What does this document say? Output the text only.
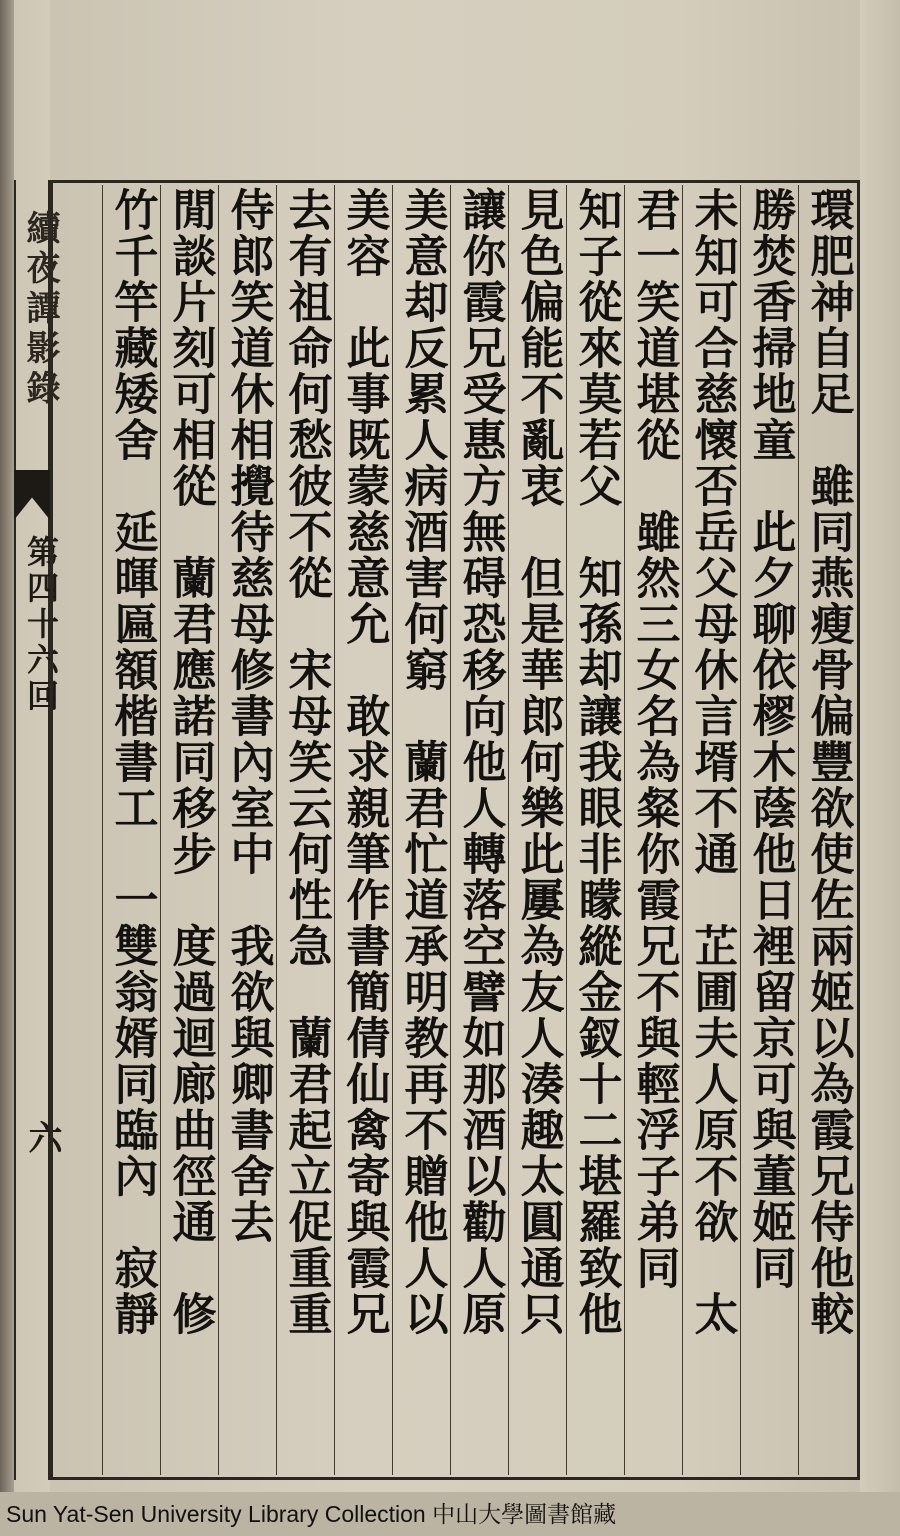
續夜譚影錄
第四十六回
六	環肥神自足　雖同燕瘦骨偏豐欲使佐兩姬以為霞兄侍他較
勝焚香掃地童　此夕聊依樛木蔭他日裡留京可與董姬同
未知可合慈懷否岳父母休言壻不通　芷圃夫人原不欲　太
君一笑道堪從　雖然三女名為粲你霞兄不與輕浮子弟同
知子從來莫若父　知孫却讓我眼非矇縱金釵十二堪羅致他
見色偏能不亂衷　但是華郎何樂此屢為友人湊趣太圓通只
讓你霞兄受惠方無碍恐移向他人轉落空譬如那酒以勸人原
美意却反累人病酒害何窮　蘭君忙道承明教再不贈他人以
美容　此事既蒙慈意允　敢求親筆作書簡倩仙禽寄與霞兄
去有祖命何愁彼不從　宋母笑云何性急　蘭君起立促重重
侍郎笑道休相攪待慈母修書內室中　我欲與卿書舍去
閒談片刻可相從　蘭君應諾同移步　度過迴廊曲徑通　修
竹千竿藏矮舍　延暉匾額楷書工　一雙翁婿同臨內　寂靜
Sun Yat-Sen University Library Collection 中山大學圖書館藏
